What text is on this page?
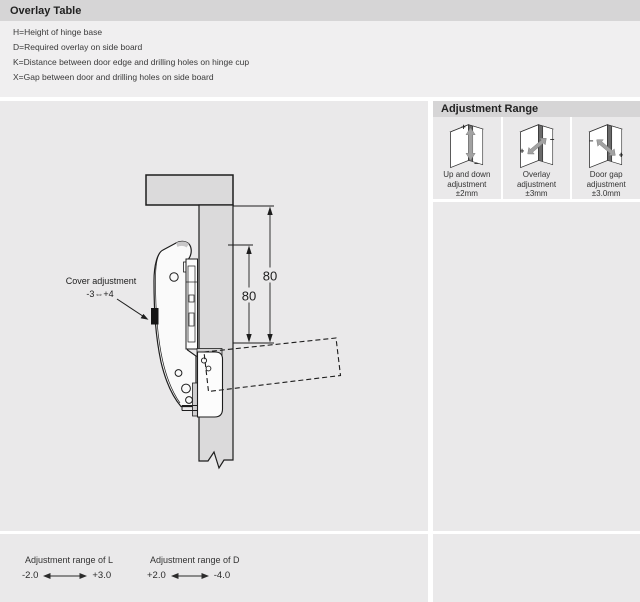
Overlay Table
H=Height of hinge base
D=Required overlay on side board
K=Distance between door edge and drilling holes on hinge cup
X=Gap between door and drilling holes on side board
80
80
Cover adjustment
-3⇔+4
Adjustment Range
+
−
Up and down
adjustment
±2mm
+
−
Overlay
adjustment
±3mm
−
+
Door gap
adjustment
±3.0mm
Adjustment range of L
-2.0	+3.0
Adjustment range of D
+2.0	-4.0
